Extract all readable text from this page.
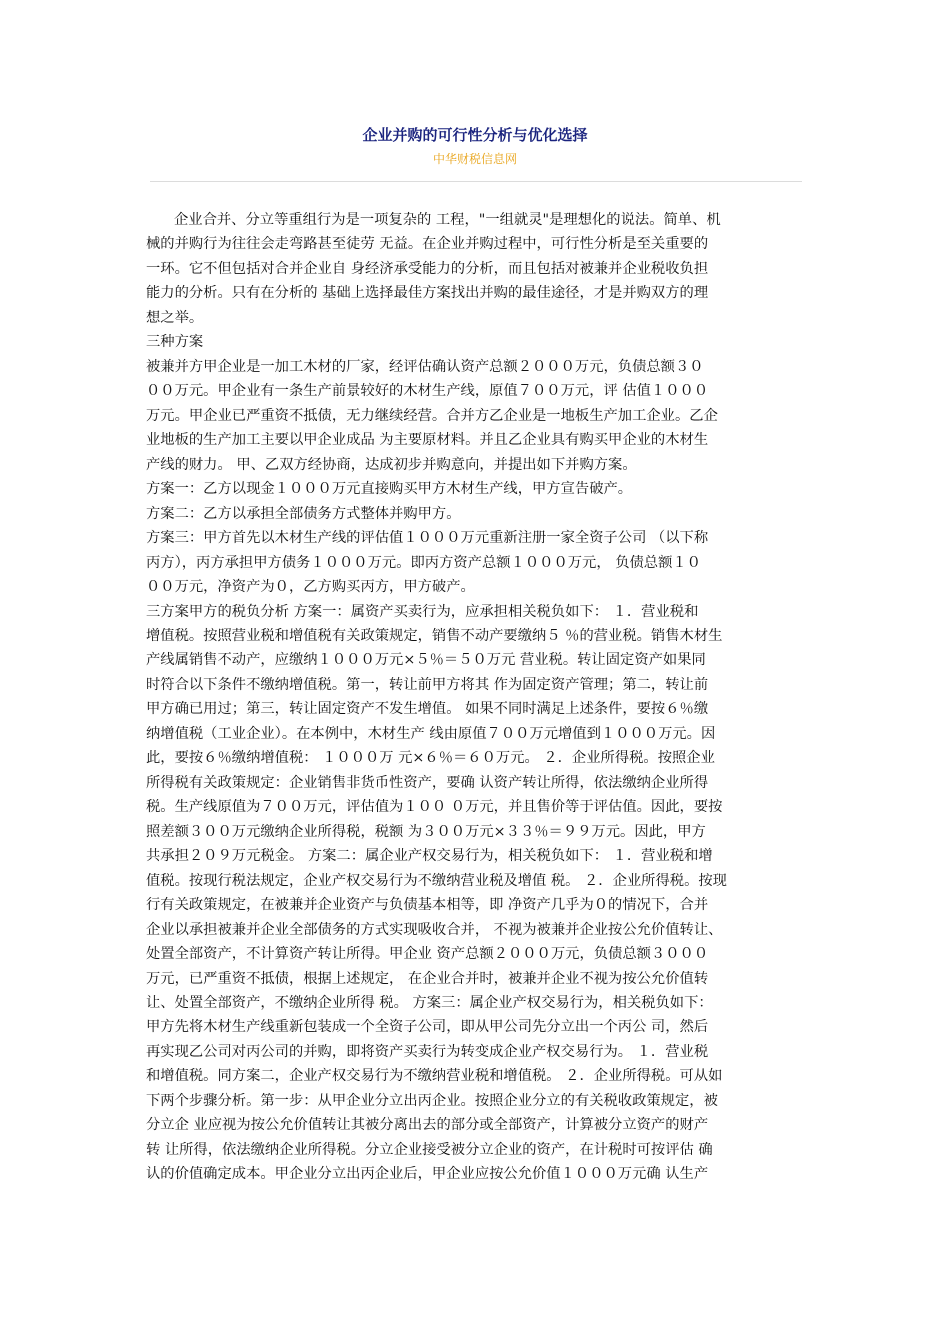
企业并购的可行性分析与优化选择
中华财税信息网
企业合并、分立等重组行为是一项复杂的 工程，"一组就灵"是理想化的说法。简单、机
械的并购行为往往会走弯路甚至徒劳 无益。在企业并购过程中，可行性分析是至关重要的
一环。它不但包括对合并企业自 身经济承受能力的分析，而且包括对被兼并企业税收负担
能力的分析。只有在分析的 基础上选择最佳方案找出并购的最佳途径，才是并购双方的理
想之举。
三种方案
被兼并方甲企业是一加工木材的厂家，经评估确认资产总额２０００万元，负债总额３０
００万元。甲企业有一条生产前景较好的木材生产线，原值７００万元，评 估值１０００
万元。甲企业已严重资不抵债，无力继续经营。合并方乙企业是一地板生产加工企业。乙企
业地板的生产加工主要以甲企业成品 为主要原材料。并且乙企业具有购买甲企业的木材生
产线的财力。 甲、乙双方经协商，达成初步并购意向，并提出如下并购方案。
方案一：乙方以现金１０００万元直接购买甲方木材生产线，甲方宣告破产。
方案二：乙方以承担全部债务方式整体并购甲方。
方案三：甲方首先以木材生产线的评估值１０００万元重新注册一家全资子公司 （以下称
丙方），丙方承担甲方债务１０００万元。即丙方资产总额１０００万元， 负债总额１０
００万元，净资产为０，乙方购买丙方，甲方破产。
三方案甲方的税负分析 方案一：属资产买卖行为，应承担相关税负如下： １．营业税和
增值税。按照营业税和增值税有关政策规定，销售不动产要缴纳５ ％的营业税。销售木材生
产线属销售不动产，应缴纳１０００万元×５％＝５０万元 营业税。转让固定资产如果同
时符合以下条件不缴纳增值税。第一，转让前甲方将其 作为固定资产管理；第二，转让前
甲方确已用过；第三，转让固定资产不发生增值。 如果不同时满足上述条件，要按６％缴
纳增值税（工业企业）。在本例中，木材生产 线由原值７００万元增值到１０００万元。因
此，要按６％缴纳增值税： １０００万 元×６％＝６０万元。 ２．企业所得税。按照企业
所得税有关政策规定：企业销售非货币性资产，要确 认资产转让所得，依法缴纳企业所得
税。生产线原值为７００万元，评估值为１００ ０万元，并且售价等于评估值。因此，要按
照差额３００万元缴纳企业所得税，税额 为３００万元×３３％＝９９万元。因此，甲方
共承担２０９万元税金。 方案二：属企业产权交易行为，相关税负如下： １．营业税和增
值税。按现行税法规定，企业产权交易行为不缴纳营业税及增值 税。 ２．企业所得税。按现
行有关政策规定，在被兼并企业资产与负债基本相等，即 净资产几乎为０的情况下，合并
企业以承担被兼并企业全部债务的方式实现吸收合并， 不视为被兼并企业按公允价值转让、
处置全部资产，不计算资产转让所得。甲企业 资产总额２０００万元，负债总额３０００
万元，已严重资不抵债，根据上述规定， 在企业合并时，被兼并企业不视为按公允价值转
让、处置全部资产，不缴纳企业所得 税。 方案三：属企业产权交易行为，相关税负如下：
甲方先将木材生产线重新包装成一个全资子公司，即从甲公司先分立出一个丙公 司，然后
再实现乙公司对丙公司的并购，即将资产买卖行为转变成企业产权交易行为。 １．营业税
和增值税。同方案二，企业产权交易行为不缴纳营业税和增值税。 ２．企业所得税。可从如
下两个步骤分析。第一步：从甲企业分立出丙企业。按照企业分立的有关税收政策规定，被
分立企 业应视为按公允价值转让其被分离出去的部分或全部资产，计算被分立资产的财产
转 让所得，依法缴纳企业所得税。分立企业接受被分立企业的资产，在计税时可按评估 确
认的价值确定成本。甲企业分立出丙企业后，甲企业应按公允价值１０００万元确 认生产
